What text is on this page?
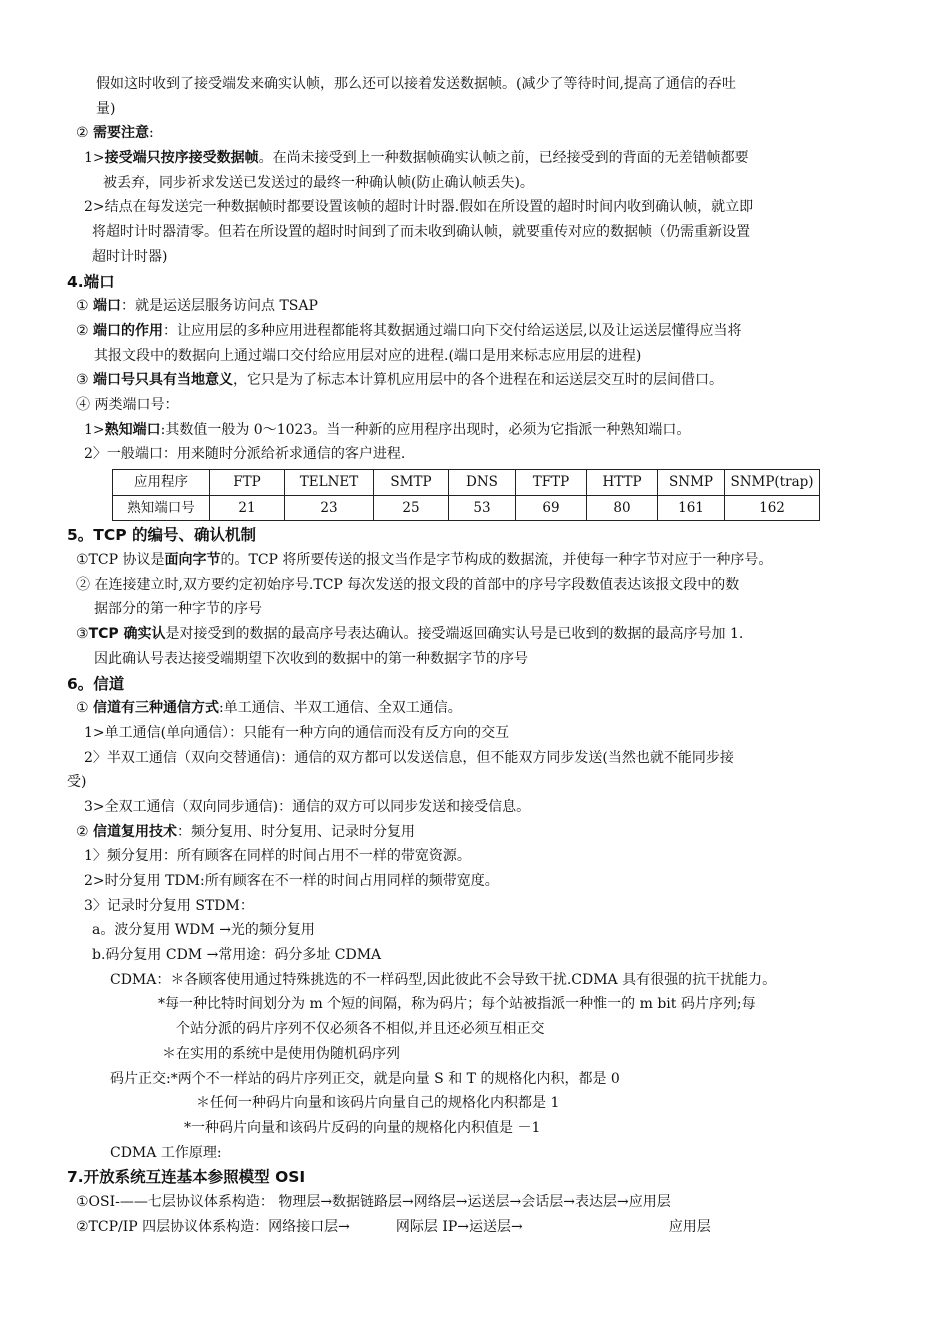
假如这时收到了接受端发来确实认帧，那么还可以接着发送数据帧。(减少了等待时间,提高了通信的吞吐
量)
② 需要注意:
1>接受端只按序接受数据帧。在尚未接受到上一种数据帧确实认帧之前，已经接受到的背面的无差错帧都要
被丢弃，同步祈求发送已发送过的最终一种确认帧(防止确认帧丢失)。
2>结点在每发送完一种数据帧时都要设置该帧的超时计时器.假如在所设置的超时时间内收到确认帧，就立即
将超时计时器清零。但若在所设置的超时时间到了而未收到确认帧，就要重传对应的数据帧（仍需重新设置
超时计时器)
4.端口
① 端口：就是运送层服务访问点 TSAP
② 端口的作用：让应用层的多种应用进程都能将其数据通过端口向下交付给运送层,以及让运送层懂得应当将
其报文段中的数据向上通过端口交付给应用层对应的进程.(端口是用来标志应用层的进程)
③ 端口号只具有当地意义，它只是为了标志本计算机应用层中的各个进程在和运送层交互时的层间借口。
④ 两类端口号：
1>熟知端口:其数值一般为 0～1023。当一种新的应用程序出现时，必须为它指派一种熟知端口。
2〉一般端口：用来随时分派给祈求通信的客户进程.
应用程序	FTP	TELNET	SMTP	DNS	TFTP	HTTP	SNMP	SNMP(trap)
熟知端口号	21	23	25	53	69	80	161	162
5。TCP 的编号、确认机制
①TCP 协议是面向字节的。TCP 将所要传送的报文当作是字节构成的数据流，并使每一种字节对应于一种序号。
② 在连接建立时,双方要约定初始序号.TCP 每次发送的报文段的首部中的序号字段数值表达该报文段中的数
据部分的第一种字节的序号
③TCP 确实认是对接受到的数据的最高序号表达确认。接受端返回确实认号是已收到的数据的最高序号加 1.
因此确认号表达接受端期望下次收到的数据中的第一种数据字节的序号
6。信道
① 信道有三种通信方式:单工通信、半双工通信、全双工通信。
1>单工通信(单向通信）：只能有一种方向的通信而没有反方向的交互
2〉半双工通信（双向交替通信)：通信的双方都可以发送信息，但不能双方同步发送(当然也就不能同步接
受)
3>全双工通信（双向同步通信)：通信的双方可以同步发送和接受信息。
② 信道复用技术：频分复用、时分复用、记录时分复用
1〉频分复用：所有顾客在同样的时间占用不一样的带宽资源。
2>时分复用 TDM:所有顾客在不一样的时间占用同样的频带宽度。
3〉记录时分复用 STDM：
a。波分复用 WDM →光的频分复用
b.码分复用 CDM →常用途：码分多址 CDMA
CDMA：＊各顾客使用通过特殊挑选的不一样码型,因此彼此不会导致干扰.CDMA 具有很强的抗干扰能力。
*每一种比特时间划分为 m 个短的间隔，称为码片；每个站被指派一种惟一的 m bit 码片序列;每
个站分派的码片序列不仅必须各不相似,并且还必须互相正交
＊在实用的系统中是使用伪随机码序列
码片正交:*两个不一样站的码片序列正交，就是向量 S 和 T 的规格化内积，都是 0
＊任何一种码片向量和该码片向量自己的规格化内积都是 1
*一种码片向量和该码片反码的向量的规格化内积值是 －1
CDMA 工作原理:
7.开放系统互连基本参照模型 OSI
①OSI-——七层协议体系构造： 物理层→数据链路层→网络层→运送层→会话层→表达层→应用层
②TCP/IP 四层协议体系构造：网络接口层→	网际层 IP→运送层→	应用层
